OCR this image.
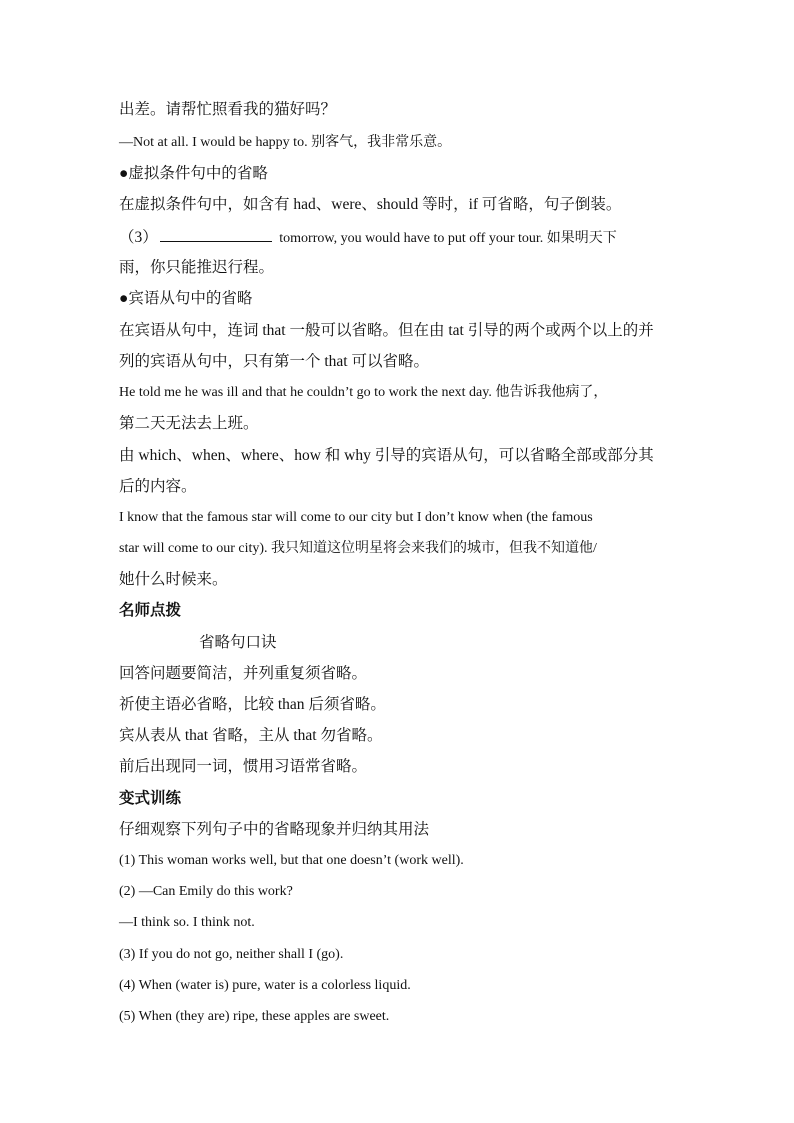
出差。请帮忙照看我的猫好吗？
—Not at all. I would be happy to. 别客气，我非常乐意。
●虚拟条件句中的省略
在虚拟条件句中，如含有 had、were、should 等时，if 可省略，句子倒装。
（3）	tomorrow, you would have to put off your tour. 如果明天下
雨，你只能推迟行程。
●宾语从句中的省略
在宾语从句中，连词 that 一般可以省略。但在由 tat 引导的两个或两个以上的并
列的宾语从句中，只有第一个 that 可以省略。
He told me he was ill and that he couldn’t go to work the next day. 他告诉我他病了，
第二天无法去上班。
由 which、when、where、how 和 why 引导的宾语从句，可以省略全部或部分其
后的内容。
I know that the famous star will come to our city but I don’t know when (the famous
star will come to our city). 我只知道这位明星将会来我们的城市，但我不知道他/
她什么时候来。
名师点拨
省略句口诀
回答问题要简洁，并列重复须省略。
祈使主语必省略，比较 than 后须省略。
宾从表从 that 省略，主从 that 勿省略。
前后出现同一词，惯用习语常省略。
变式训练
仔细观察下列句子中的省略现象并归纳其用法
(1) This woman works well, but that one doesn’t (work well).
(2) —Can Emily do this work?
—I think so. I think not.
(3) If you do not go, neither shall I (go).
(4) When (water is) pure, water is a colorless liquid.
(5) When (they are) ripe, these apples are sweet.
